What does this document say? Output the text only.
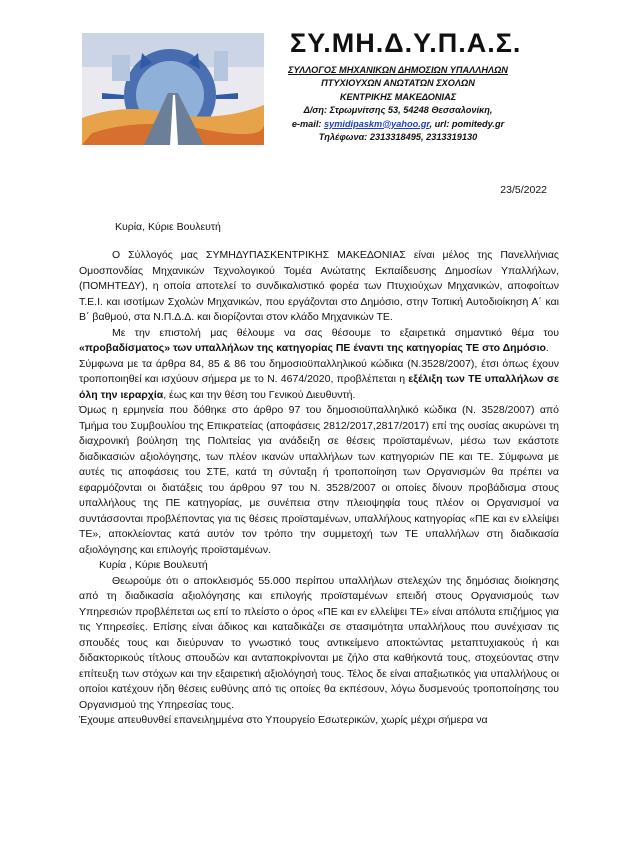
ΣΥ.ΜΗ.Δ.Υ.Π.Α.Σ.
ΣΥΛΛΟΓΟΣ ΜΗΧΑΝΙΚΩΝ ΔΗΜΟΣΙΩΝ ΥΠΑΛΛΗΛΩΝ
ΠΤΥΧΙΟΥΧΩΝ ΑΝΩΤΑΤΩΝ ΣΧΟΛΩΝ
ΚΕΝΤΡΙΚΗΣ ΜΑΚΕΔΟΝΙΑΣ
Δ/ση: Στρωμνίτσης 53, 54248 Θεσσαλονίκη,
e-mail: symidipaskm@yahoo.gr, url: pomitedy.gr
Τηλέφωνα: 2313318495, 2313319130
23/5/2022
Κυρία, Κύριε Βουλευτή

Ο Σύλλογός μας ΣΥΜΗΔΥΠΑΣΚΕΝΤΡΙΚΗΣ ΜΑΚΕΔΟΝΙΑΣ είναι μέλος της Πανελλήνιας Ομοσπονδίας Μηχανικών Τεχνολογικού Τομέα Ανώτατης Εκπαίδευσης Δημοσίων Υπαλλήλων, (ΠΟΜΗΤΕΔΥ), η οποία αποτελεί το συνδικαλιστικό φορέα των Πτυχιούχων Μηχανικών, αποφοίτων Τ.Ε.Ι. και ισοτίμων Σχολών Μηχανικών, που εργάζονται στο Δημόσιο, στην Τοπική Αυτοδιοίκηση Α΄ και Β΄ βαθμού, στα Ν.Π.Δ.Δ. και διορίζονται στον κλάδο Μηχανικών ΤΕ.

Με την επιστολή μας θέλουμε να σας θέσουμε το εξαιρετικά σημαντικό θέμα του «προβαδίσματος» των υπαλλήλων της κατηγορίας ΠΕ έναντι της κατηγορίας ΤΕ στο Δημόσιο.

Σύμφωνα με τα άρθρα 84, 85 & 86 του δημοσιοϋπαλληλικού κώδικα (Ν.3528/2007), έτσι όπως έχουν τροποποιηθεί και ισχύουν σήμερα με το Ν. 4674/2020, προβλέπεται η εξέλιξη των ΤΕ υπαλλήλων σε όλη την ιεραρχία, έως και την θέση του Γενικού Διευθυντή.

Όμως η ερμηνεία που δόθηκε στο άρθρο 97 του δημοσιοϋπαλληλικό κώδικα (Ν. 3528/2007) από Τμήμα του Συμβουλίου της Επικρατείας (αποφάσεις 2812/2017,2817/2017) επί της ουσίας ακυρώνει τη διαχρονική βούληση της Πολιτείας για ανάδειξη σε θέσεις προϊσταμένων, μέσω των εκάστοτε διαδικασιών αξιολόγησης, των πλέον ικανών υπαλλήλων των κατηγοριών ΠΕ και ΤΕ. Σύμφωνα με αυτές τις αποφάσεις του ΣΤΕ, κατά τη σύνταξη ή τροποποίηση των Οργανισμών θα πρέπει να εφαρμόζονται οι διατάξεις του άρθρου 97 του Ν. 3528/2007 οι οποίες δίνουν προβάδισμα στους υπαλλήλους της ΠΕ κατηγορίας, με συνέπεια στην πλειοψηφία τους πλέον οι Οργανισμοί να συντάσσονται προβλέποντας για τις θέσεις προϊσταμένων, υπαλλήλους κατηγορίας «ΠΕ και εν ελλείψει ΤΕ», αποκλείοντας κατά αυτόν τον τρόπο την συμμετοχή των ΤΕ υπαλλήλων στη διαδικασία αξιολόγησης και επιλογής προϊσταμένων.

Κυρία , Κύριε Βουλευτή

Θεωρούμε ότι ο αποκλεισμός 55.000 περίπου υπαλλήλων στελεχών της δημόσιας διοίκησης από τη διαδικασία αξιολόγησης και επιλογής προϊσταμένων επειδή στους Οργανισμούς των Υπηρεσιών προβλέπεται ως επί το πλείστο ο όρος «ΠΕ και εν ελλείψει ΤΕ» είναι απόλυτα επιζήμιος για τις Υπηρεσίες. Επίσης είναι άδικος και καταδικάζει σε στασιμότητα υπαλλήλους που συνέχισαν τις σπουδές τους και διεύρυναν το γνωστικό τους αντικείμενο αποκτώντας μεταπτυχιακούς ή και διδακτορικούς τίτλους σπουδών και ανταποκρίνονται με ζήλο στα καθήκοντά τους, στοχεύοντας στην επίτευξη των στόχων και την εξαιρετική αξιολόγησή τους. Τέλος δε είναι απαξιωτικός για υπαλλήλους οι οποίοι κατέχουν ήδη θέσεις ευθύνης από τις οποίες θα εκπέσουν, λόγω δυσμενούς τροποποίησης του Οργανισμού της Υπηρεσίας τους.

Έχουμε απευθυνθεί επανειλημμένα στο Υπουργείο Εσωτερικών, χωρίς μέχρι σήμερα να
